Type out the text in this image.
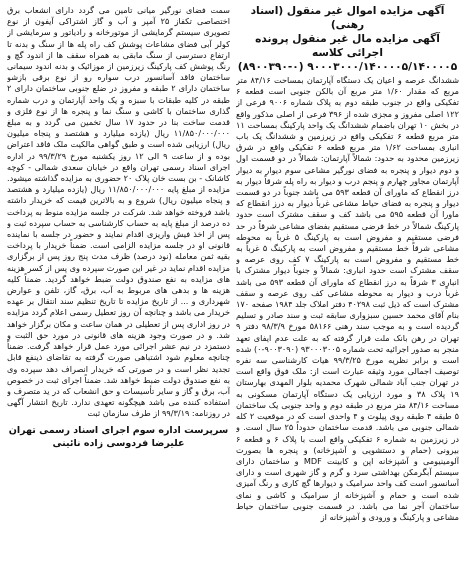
آگهی مزایده اموال غیر منقول (اسناد رهنی)
آگهی مزایده مال غیر منقول پرونده اجرائی کلاسه
۹۰۰۰۳۰۰۰/۱۴۰۰۰۰۵/۱۴۰۰۰۰۵ (۸۹۰۰۳۹۰-۰)

ششدانگ عرصه و اعیان یک دستگاه آپارتمان بمساحت ۸۴/۱۶ متر مربع که مقدار ۱/۶۰ متر مربع آن بالکن جنوبی است قطعه ۶ تفکیکی واقع در جنوب طبقه دوم به پلاک شماره ۹۰۰۶ فرعی از ۱۲۲ اصلی مفروز و مجزی شده از ۳۹۶ فرعی از اصلی مذکور واقع در بخش ۱۰ تهران باضمام ششدانگ یک واحد پارکینگ بمساحت ۱۱ متر مربع قطعه ۶ تفکیکی واقع در زیرزمین و ششدانگ یک باب انباری بمساحت ۱/۶۲ متر مربع قطعه ۶ تفکیکی واقع در شرق زیرزمین محدود به حدود: شمالاً آپارتمان: شمالاً در دو قسمت اول و دوم دیوار و پنجره به فضای نورگیر مشاعی سوم دیوار به دیوار آپارتمان مجاور چهارم و پنجم درب و دیوار به راه پله شرقاً دیوار به درز انقطاع که ماورای آن قطعه ۵۹۳ می باشد جنوباً در دو قسمت دیوار و پنجره به فضای حیاط مشاعی غرباً دیوار به درز انقطاع که ماورا آن قطعه ۵۹۵ می باشد کف و سقف مشترک است حدود پارکینگ شمالاً در خط فرضی مستقیم بفضای مشاعی شرقاً در حد فرضی مستقیم و مفروض است به پارکینگ ۵ غرباً به محوطه مشاعی شرقاً خط مستقیم و مفروض است به پارکینگ ۵ غرباً به خط مستقیم و مفروض است به پارکینگ ۷ کف روی عرصه و سقف مشترک است حدود انباری: شمالاً و جنوباً دیوار مشترک با انباری ۳ شرقاً به درز انقطاع که ماورای آن قطعه ۵۹۳ می باشد غرباً درب و دیوار به محوطه مشاعی کف روی عرصه و سقف مشترک است که ذیل ثبت ۴۰۲۹۸ دفتر املاک جلد ۱۹۸۴ صفحه ۱۷۰ بنام آقای محمد حسین سبزواری سابقه ثبت و سند صادر و تسلیم گردیده است و به موجب سند رهنی ۵۸۱۶۶ مورخ ۹۸/۳/۹ دفتر ۹ تهران در رهن بانک ملت قرار گرفته که به علت عدم ایفای تعهد منجر به صدور اجرائیه تحت شماره ۹۳۰۰۰۳۰۰۵ (۹۰۰۳۰۹۰-۰) شده است و برابر نظریه مورخ ۹۹/۳/۲۵ هیات کارشناسی سه نفره توصیف اجمالی مورد وثیقه عبارت است از: ملک فوق واقع است در تهران جنب آباد شمالی شهرک محمدیه بلوار المهدی بهارستان ۱۹ پلاک ۳۸ و مورد ارزیابی یک دستگاه آپارتمان مسکونی به مساحت ۸۴/۱۶ متر مربع در طبقه دوم و واحد جنوبی یک ساختمان ۵ طبقه ۴ طبقه روی پیلوت و ۴ واحدی است که در موقعیت ۲ کله شمالی جنوبی می باشد. قدمت ساختمان حدوداً ۲۵ سال است. و در زیرزمین به شماره ۶ تفکیکی واقع است با پلاک ۶ و قطعه ۶ بیرونی (حمام و دستشویی و آشپزخانه) و پنجره ها بصورت آلومینیومی و آشپزخانه اپن و کابینت MDF و ساختمان دارای سیستم آبگرمکن بهداشتی سرد و گرم و گاز شهری است و دارای آسانسور است کف واحد سرامیک و دیوارها گچ کاری و رنگ آمیزی شده است و حمام و آشپزخانه از سرامیک و کاشی و نمای ساختمان آجر نما می باشد. در قسمت جنوبی ساختمان حیاط مشاعی و پارکینگ و ورودی و آشپزخانه از

سمت فضای نورگیر میانی تامین می گردد دارای انشعاب برق اختصاصی تکفاز ۲۵ آمپر و آب و گاز اشتراکی آیفون از نوع تصویری سیستم گرمایشی از موتورخانه و رادیاتور و سرمایشی از کولر آبی فضای مشاعات پوشش کف راه پله ها از سنگ و بدنه تا ارتفاع دسترسی از سنگ مابقی به همراه سقف ها از اندود گچ و رنگ پوشش کف پارکینگ زیرزمین از موزائیک و بدنه اندود سیمانی ساختمان فاقد آسانسور درب سواره رو از نوع برقی بازشو ساختمان دارای ۲ طبقه و مفروز در ضلع جنوبی ساختمان دارای ۲ طبقه در کلیه طبقات با سبزه و یک واحد آپارتمان و درب شماره گذاری ساختمان با کاشی و سنگ نما و پنجره ها از نوع فلزی و قدمت ساخت بنا در حدود ۱۷ سال تخمین می گردد و به مبلغ ۱۱/۸۵۰/۰۰۰/۰۰۰ ریال (یازده میلیارد و هشتصد و پنجاه میلیون ریال) ارزیابی شده است و طبق گواهی مالکیت ملک فاقد اعتراض بوده و از ساعت ۹ الی ۱۲ روز یکشنبه مورخ ۹۹/۳/۲۹ در اداره اجرای اسناد رسمی تهران واقع در خیابان سعدی شمالی - کوچه کاشانک - بن بست خان پلاک ۲۰ حضوری به مزایده گذاشته میشود. مزایده از مبلغ پایه ۱۱/۸۵۰/۰۰۰/۰۰۰ ریال (یازده میلیارد و هشتصد و پنجاه میلیون ریال) شروع و به بالاترین قیمت که خریدار داشته باشد فروخته خواهد شد. شرکت در جلسه مزایده منوط به پرداخت ده درصد از مبلغ پایه به حساب کارشناسی به حساب سپرده ثبت و پس از اخذ فیش واریزی اقدام نمایند و حضور در جلسه با نماینده قانونی او در جلسه مزایده الزامی است. ضمناً خریدار با پرداخت بقیه ثمن معامله (نود درصد) ظرف مدت پنج روز پس از برگزاری مزایده اقدام نماید در غیر این صورت سپرده وی پس از کسر هزینه های مزایده به نفع صندوق دولت ضبط خواهد گردید. ضمناً کلیه هزینه ها و بدهی های مربوط به آب، برق، گاز، تلفن و عوارض شهرداری و ... از تاریخ مزایده تا تاریخ تنظیم سند انتقال بر عهده خریدار می باشد و چنانچه آن روز تعطیل رسمی اعلام گردد مزایده در روز اداری پس از تعطیلی در همان ساعت و مکان برگزار خواهد شد. و در صورت وجود هزینه های قانونی در مورد حق الثبت و دستمزد در نیم عشر اجرائی مورد عمل قرار خواهد گرفت. ضمناً چنانچه معلوم شود اشتباهی صورت گرفته به تقاضای ذینفع قابل تجدید نظر است و در صورتی که خریدار انصراف دهد سپرده وی به نفع صندوق دولت ضبط خواهد شد. ضمناً اجرای ثبت در خصوص آب، برق و گاز و سایر تأسیسات و حق انشعاب که در ید متصرف و استفاده کننده می باشد هیچگونه تعهدی ندارد. تاریخ انتشار آگهی در روزنامه: ۹۹/۳/۱۹ از طرف سازمان ثبت

سرپرست اداره سوم اجرای اسناد رسمی تهران
علیرضا فردوسی زاده نائینی
